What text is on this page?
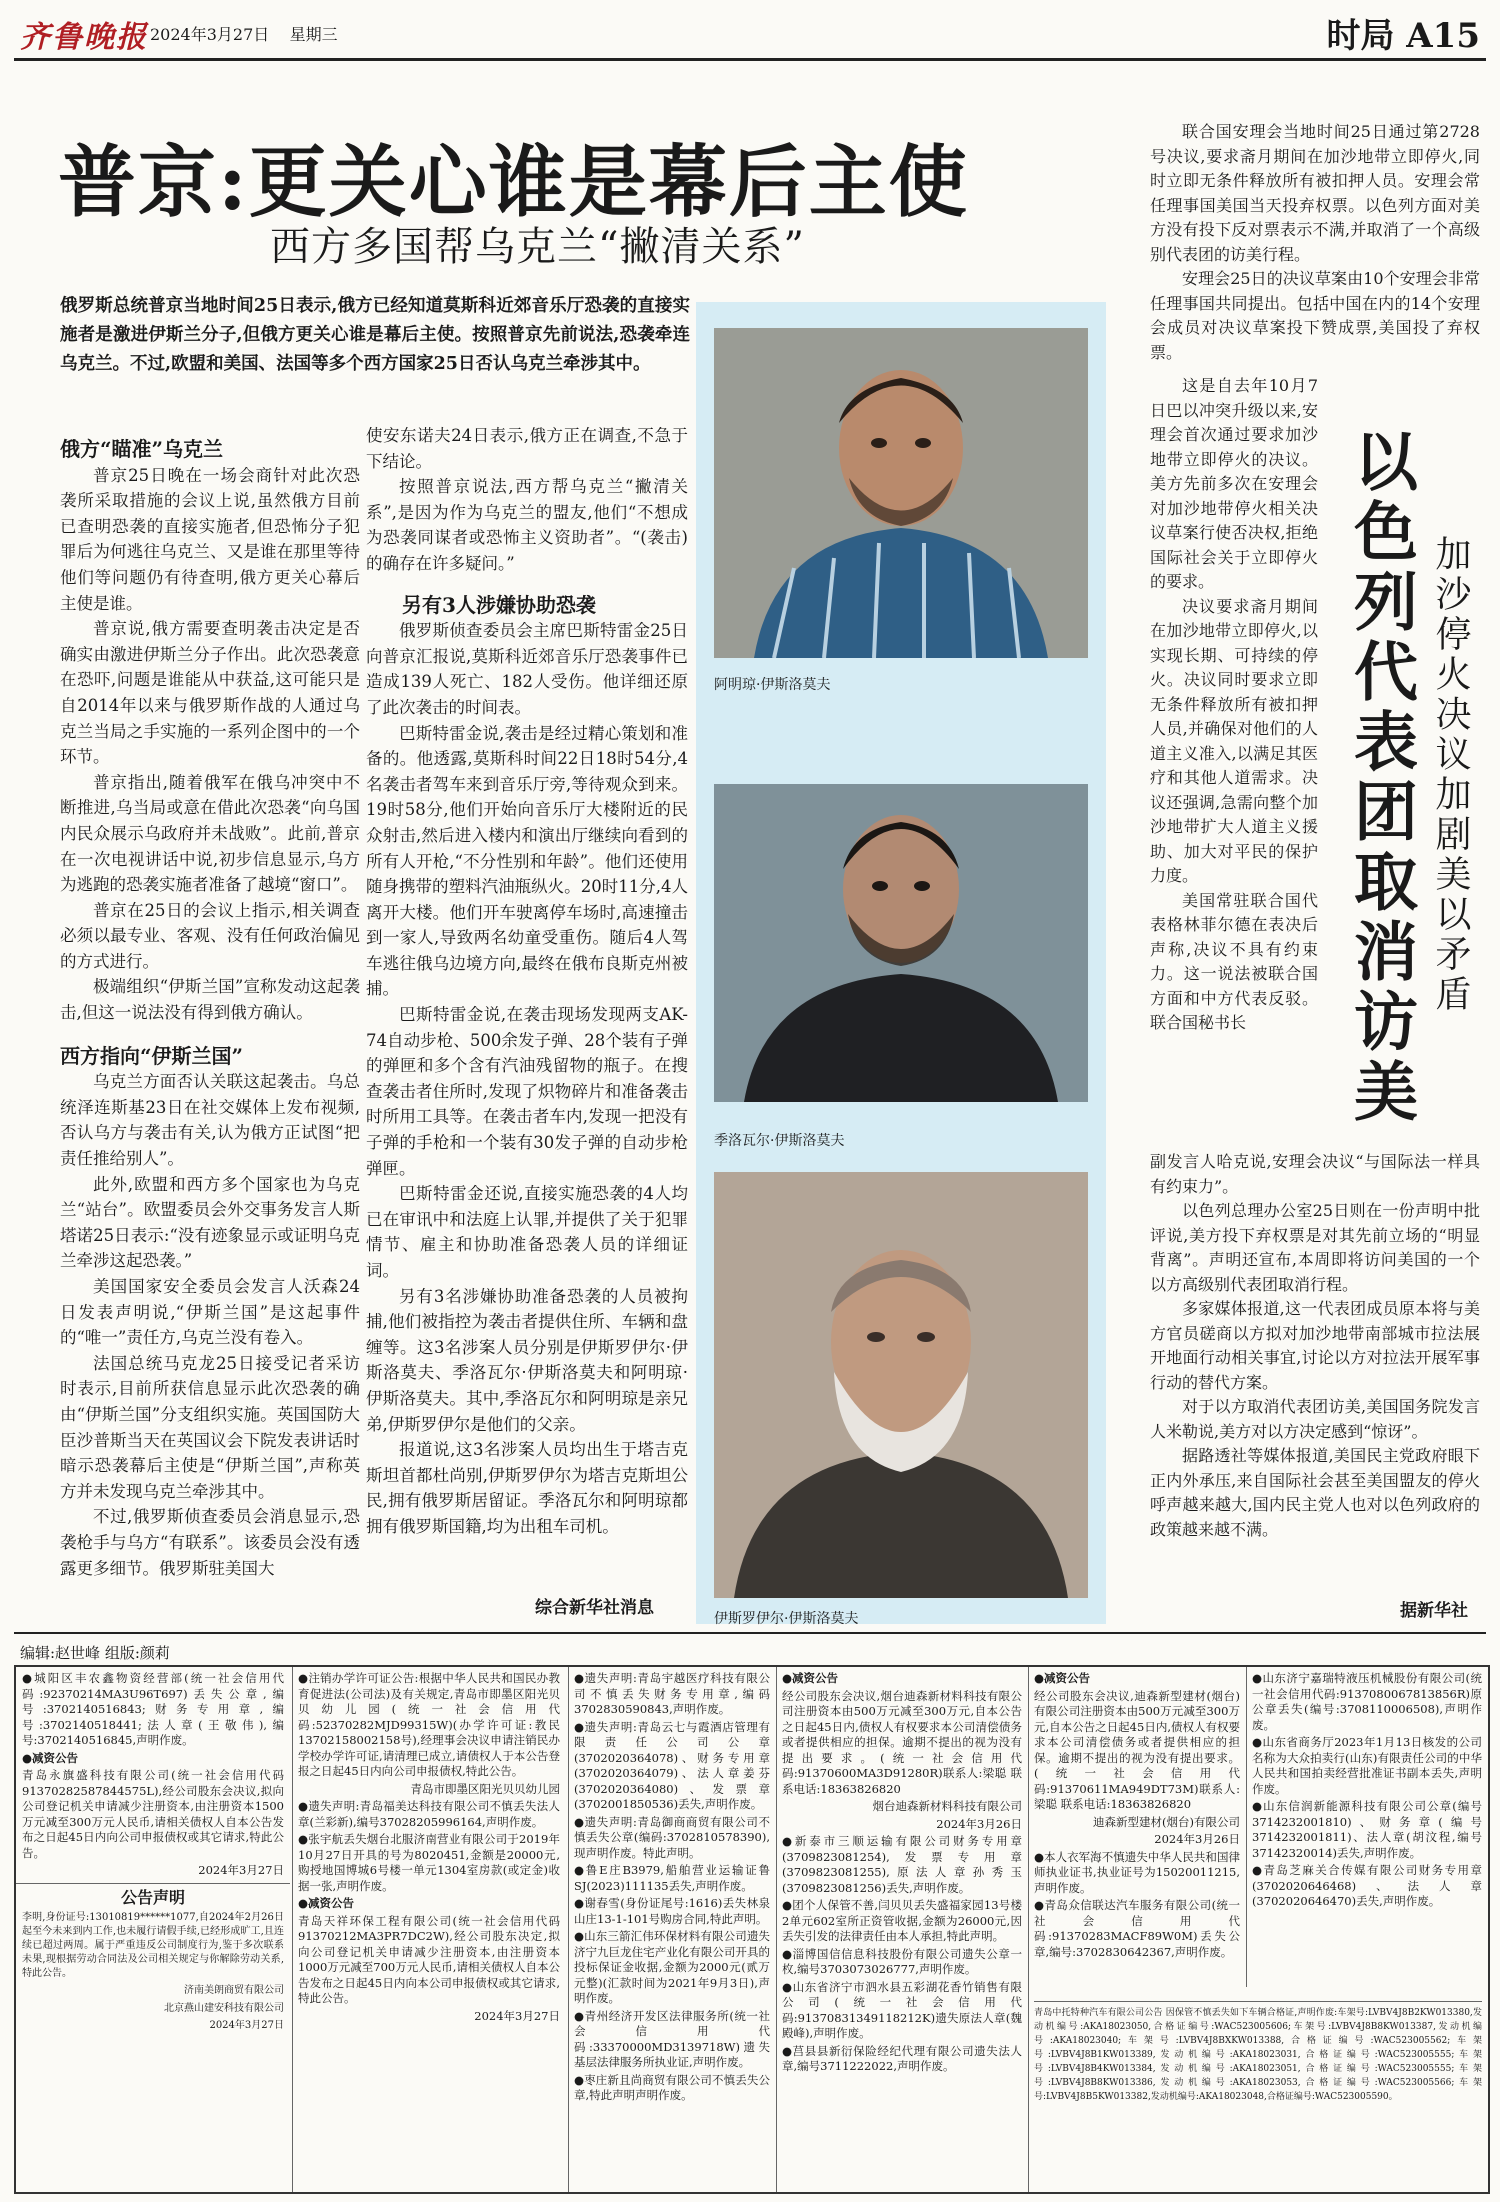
齐鲁晚报 2024年3月27日 星期三	时局 A15
普京:更关心谁是幕后主使
西方多国帮乌克兰“撇清关系”
俄罗斯总统普京当地时间25日表示,俄方已经知道莫斯科近郊音乐厅恐袭的直接实施者是激进伊斯兰分子,但俄方更关心谁是幕后主使。按照普京先前说法,恐袭牵连乌克兰。不过,欧盟和美国、法国等多个西方国家25日否认乌克兰牵涉其中。

俄方“瞄准”乌克兰

普京25日晚在一场会商针对此次恐袭所采取措施的会议上说,虽然俄方目前已查明恐袭的直接实施者,但恐怖分子犯罪后为何逃往乌克兰、又是谁在那里等待他们等问题仍有待查明,俄方更关心幕后主使是谁。

普京说,俄方需要查明袭击决定是否确实由激进伊斯兰分子作出。此次恐袭意在恐吓,问题是谁能从中获益,这可能只是自2014年以来与俄罗斯作战的人通过乌克兰当局之手实施的一系列企图中的一个环节。

普京指出,随着俄军在俄乌冲突中不断推进,乌当局或意在借此次恐袭“向乌国内民众展示乌政府并未战败”。此前,普京在一次电视讲话中说,初步信息显示,乌方为逃跑的恐袭实施者准备了越境“窗口”。

普京在25日的会议上指示,相关调查必须以最专业、客观、没有任何政治偏见的方式进行。

极端组织“伊斯兰国”宣称发动这起袭击,但这一说法没有得到俄方确认。

西方指向“伊斯兰国”

乌克兰方面否认关联这起袭击。乌总统泽连斯基23日在社交媒体上发布视频,否认乌方与袭击有关,认为俄方正试图“把责任推给别人”。

此外,欧盟和西方多个国家也为乌克兰“站台”。欧盟委员会外交事务发言人斯塔诺25日表示:“没有迹象显示或证明乌克兰牵涉这起恐袭。”

美国国家安全委员会发言人沃森24日发表声明说,“伊斯兰国”是这起事件的“唯一”责任方,乌克兰没有卷入。

法国总统马克龙25日接受记者采访时表示,目前所获信息显示此次恐袭的确由“伊斯兰国”分支组织实施。英国国防大臣沙普斯当天在英国议会下院发表讲话时暗示恐袭幕后主使是“伊斯兰国”,声称英方并未发现乌克兰牵涉其中。

不过,俄罗斯侦查委员会消息显示,恐袭枪手与乌方“有联系”。该委员会没有透露更多细节。俄罗斯驻美国大

使安东诺夫24日表示,俄方正在调查,不急于下结论。

按照普京说法,西方帮乌克兰“撇清关系”,是因为作为乌克兰的盟友,他们“不想成为恐袭同谋者或恐怖主义资助者”。“(袭击)的确存在许多疑问。”

另有3人涉嫌协助恐袭

俄罗斯侦查委员会主席巴斯特雷金25日向普京汇报说,莫斯科近郊音乐厅恐袭事件已造成139人死亡、182人受伤。他详细还原了此次袭击的时间表。

巴斯特雷金说,袭击是经过精心策划和准备的。他透露,莫斯科时间22日18时54分,4名袭击者驾车来到音乐厅旁,等待观众到来。19时58分,他们开始向音乐厅大楼附近的民众射击,然后进入楼内和演出厅继续向看到的所有人开枪,“不分性别和年龄”。他们还使用随身携带的塑料汽油瓶纵火。20时11分,4人离开大楼。他们开车驶离停车场时,高速撞击到一家人,导致两名幼童受重伤。随后4人驾车逃往俄乌边境方向,最终在俄布良斯克州被捕。

巴斯特雷金说,在袭击现场发现两支AK-74自动步枪、500余发子弹、28个装有子弹的弹匣和多个含有汽油残留物的瓶子。在搜查袭击者住所时,发现了炽物碎片和准备袭击时所用工具等。在袭击者车内,发现一把没有子弹的手枪和一个装有30发子弹的自动步枪弹匣。

巴斯特雷金还说,直接实施恐袭的4人均已在审讯中和法庭上认罪,并提供了关于犯罪情节、雇主和协助准备恐袭人员的详细证词。

另有3名涉嫌协助准备恐袭的人员被拘捕,他们被指控为袭击者提供住所、车辆和盘缠等。这3名涉案人员分别是伊斯罗伊尔·伊斯洛莫夫、季洛瓦尔·伊斯洛莫夫和阿明琼·伊斯洛莫夫。其中,季洛瓦尔和阿明琼是亲兄弟,伊斯罗伊尔是他们的父亲。

报道说,这3名涉案人员均出生于塔吉克斯坦首都杜尚别,伊斯罗伊尔为塔吉克斯坦公民,拥有俄罗斯居留证。季洛瓦尔和阿明琼都拥有俄罗斯国籍,均为出租车司机。

综合新华社消息
阿明琼·伊斯洛莫夫
季洛瓦尔·伊斯洛莫夫
伊斯罗伊尔·伊斯洛莫夫

联合国安理会当地时间25日通过第2728号决议,要求斋月期间在加沙地带立即停火,同时立即无条件释放所有被扣押人员。安理会常任理事国美国当天投弃权票。以色列方面对美方没有投下反对票表示不满,并取消了一个高级别代表团的访美行程。

安理会25日的决议草案由10个安理会非常任理事国共同提出。包括中国在内的14个安理会成员对决议草案投下赞成票,美国投了弃权票。

这是自去年10月7日巴以冲突升级以来,安理会首次通过要求加沙地带立即停火的决议。美方先前多次在安理会对加沙地带停火相关决议草案行使否决权,拒绝国际社会关于立即停火的要求。

决议要求斋月期间在加沙地带立即停火,以实现长期、可持续的停火。决议同时要求立即无条件释放所有被扣押人员,并确保对他们的人道主义准入,以满足其医疗和其他人道需求。决议还强调,急需向整个加沙地带扩大人道主义援助、加大对平民的保护力度。

美国常驻联合国代表格林菲尔德在表决后声称,决议不具有约束力。这一说法被联合国方面和中方代表反驳。联合国秘书长	以色列代表团取消访美 加沙停火决议加剧美以矛盾

副发言人哈克说,安理会决议“与国际法一样具有约束力”。

以色列总理办公室25日则在一份声明中批评说,美方投下弃权票是对其先前立场的“明显背离”。声明还宣布,本周即将访问美国的一个以方高级别代表团取消行程。

多家媒体报道,这一代表团成员原本将与美方官员磋商以方拟对加沙地带南部城市拉法展开地面行动相关事宜,讨论以方对拉法开展军事行动的替代方案。

对于以方取消代表团访美,美国国务院发言人米勒说,美方对以方决定感到“惊讶”。

据路透社等媒体报道,美国民主党政府眼下正内外承压,来自国际社会甚至美国盟友的停火呼声越来越大,国内民主党人也对以色列政府的政策越来越不满。

据新华社
编辑:赵世峰 组版:颜莉

●城阳区丰农鑫物资经营部(统一社会信用代码:92370214MA3U96T697)丢失公章,编号:3702140516843;财务专用章,编号:3702140518441;法人章(王敬伟),编号:3702140516845,声明作废。

●减资公告

青岛永旗盛科技有限公司(统一社会信用代码91370282587844575L),经公司股东会决议,拟向公司登记机关申请减少注册资本,由注册资本1500万元减至300万元人民币,请相关债权人自本公告发布之日起45日内向公司申报债权或其它请求,特此公告。

2024年3月27日

公告声明

李明,身份证号:13010819******1077,自2024年2月26日起至今未来到内工作,也未履行请假手续,已经形成旷工,且连续已超过两周。属于严重违反公司制度行为,鉴于多次联系未果,现根据劳动合同法及公司相关规定与你解除劳动关系,特此公告。

济南美朗商贸有限公司

北京燕山建安科技有限公司

2024年3月27日

●注销办学许可证公告:根据中华人民共和国民办教育促进法(公司法)及有关规定,青岛市即墨区阳光贝贝幼儿园(统一社会信用代码:52370282MJD99315W)(办学许可证:教民13702158002158号),经理事会决议申请注销民办学校办学许可证,请清理已成立,请债权人于本公告登报之日起45日内向公司申报债权,特此公告。

青岛市即墨区阳光贝贝幼儿园

●遗失声明:青岛福美达科技有限公司不慎丢失法人章(兰彩新),编号37028205996164,声明作废。

●张宇航丢失烟台北服济南营业有限公司于2019年10月27日开具的号为8020451,金额是20000元,购授地国博城6号楼一单元1304室房款(或定金)收据一张,声明作废。

●减资公告

青岛天祥环保工程有限公司(统一社会信用代码91370212MA3PR7DC2W),经公司股东决定,拟向公司登记机关申请减少注册资本,由注册资本1000万元减至700万元人民币,请相关债权人自本公告发布之日起45日内向本公司申报债权或其它请求,特此公告。

2024年3月27日

●遗失声明:青岛宇越医疗科技有限公司不慎丢失财务专用章,编码3702830590843,声明作废。

●遗失声明:青岛云七与霞酒店管理有限责任公司公章(3702020364078)、财务专用章(3702020364079)、法人章姜芬(3702020364080)、发票章(3702001850536)丢失,声明作废。

●遗失声明:青岛御商商贸有限公司不慎丢失公章(编码:3702810578390),现声明作废。特此声明。

●鲁E庄B3979,船舶营业运输证鲁SJ(2023)111135丢失,声明作废。

●谢春雪(身份证尾号:1616)丢失林泉山庄13-1-101号购房合同,特此声明。

●山东三箭汇伟环保材料有限公司遗失济宁九巨龙住宅产业化有限公司开具的投标保证金收据,金额为2000元(贰万元整)(汇款时间为2021年9月3日),声明作废。

●青州经济开发区法律服务所(统一社会信用代码:33370000MD3139718W)遗失基层法律服务所执业证,声明作废。

●枣庄新且尚商贸有限公司不慎丢失公章,特此声明声明作废。

●减资公告

经公司股东会决议,烟台迪森新材料科技有限公司注册资本由500万元减至300万元,自本公告之日起45日内,债权人有权要求本公司清偿债务或者提供相应的担保。逾期不提出的视为没有提出要求。(统一社会信用代码:91370600MA3D91280R)联系人:梁聪 联系电话:18363826820

烟台迪森新材料科技有限公司

2024年3月26日

●新泰市三顺运输有限公司财务专用章(3709823081254),发票专用章(3709823081255),原法人章孙秀玉(3709823081256)丢失,声明作废。

●团个人保管不善,闫贝贝丢失盛福家园13号楼2单元602室所正资管收据,金额为26000元,因丢失引发的法律责任由本人承担,特此声明。

●淄博国信信息科技股份有限公司遗失公章一枚,编号3703073026777,声明作废。

●山东省济宁市泗水县五彩湖花香竹销售有限公司(统一社会信用代码:91370831349118212K)遗失原法人章(魏殿峰),声明作废。

●莒县县新衍保险经纪代理有限公司遗失法人章,编号3711222022,声明作废。

●减资公告

经公司股东会决议,迪森新型建材(烟台)有限公司注册资本由500万元减至300万元,自本公告之日起45日内,债权人有权要求本公司清偿债务或者提供相应的担保。逾期不提出的视为没有提出要求。(统一社会信用代码:91370611MA949DT73M)联系人:梁聪 联系电话:18363826820

迪森新型建材(烟台)有限公司

2024年3月26日

●本人衣军海不慎遗失中华人民共和国律师执业证书,执业证号为15020011215,声明作废。

●青岛众信联达汽车服务有限公司(统一社会信用代码:91370283MACF89W0M)丢失公章,编号:3702830642367,声明作废。

●山东济宁嘉瑞特液压机械股份有限公司(统一社会信用代码:9137080067813856R)原公章丢失(编号:3708110006508),声明作废。

●山东省商务厅2023年1月13日核发的公司名称为大众拍卖行(山东)有限责任公司的中华人民共和国拍卖经营批准证书副本丢失,声明作废。

●山东信润新能源科技有限公司公章(编号3714232001810)、财务章(编号3714232001811)、法人章(胡汶程,编号37142320014)丢失,声明作废。

●青岛芝麻关合传媒有限公司财务专用章(3702020646468)、法人章(3702020646470)丢失,声明作废。

青岛中托特种汽车有限公司公告 因保管不慎丢失如下车辆合格证,声明作废:车架号:LVBV4J8B2KW013380,发动机编号:AKA18023050,合格证编号:WAC523005606;车架号:LVBV4J8B8KW013387,发动机编号:AKA18023040;车架号:LVBV4J8BXKW013388,合格证编号:WAC523005562;车架号:LVBV4J8B1KW013389,发动机编号:AKA18023031,合格证编号:WAC523005555;车架号:LVBV4J8B4KW013384,发动机编号:AKA18023051,合格证编号:WAC523005555;车架号:LVBV4J8B8KW013386,发动机编号:AKA18023053,合格证编号:WAC523005566;车架号:LVBV4J8B5KW013382,发动机编号:AKA18023048,合格证编号:WAC523005590。
